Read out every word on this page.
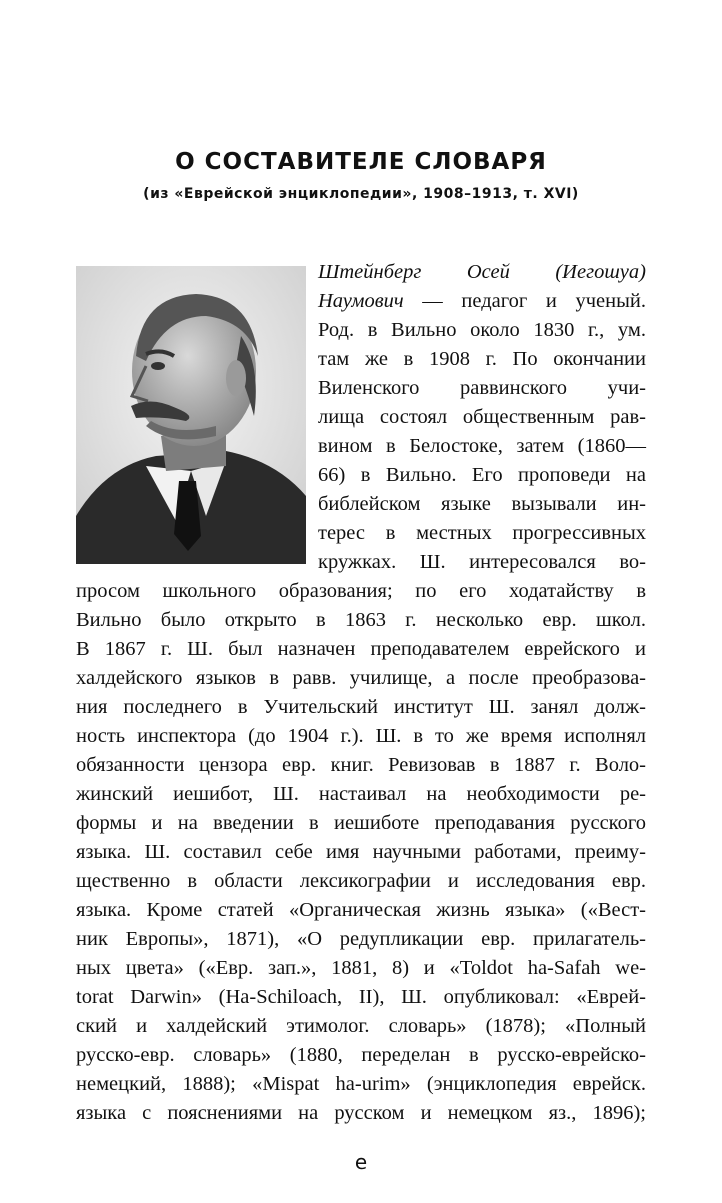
О СОСТАВИТЕЛЕ СЛОВАРЯ
(из «Еврейской энциклопедии», 1908–1913, т. XVI)
Штейнберг Осей (Иегошуа)
Наумович — педагог и ученый.
Род. в Вильно около 1830 г., ум.
там же в 1908 г. По окончании
Виленского раввинского учи-
лища состоял общественным рав-
вином в Белостоке, затем (1860—
66) в Вильно. Его проповеди на
библейском языке вызывали ин-
терес в местных прогрессивных
кружках. Ш. интересовался во-
просом школьного образования; по его ходатайству в
Вильно было открыто в 1863 г. несколько евр. школ.
В 1867 г. Ш. был назначен преподавателем еврейского и
халдейского языков в равв. училище, а после преобразова-
ния последнего в Учительский институт Ш. занял долж-
ность инспектора (до 1904 г.). Ш. в то же время исполнял
обязанности цензора евр. книг. Ревизовав в 1887 г. Воло-
жинский иешибот, Ш. настаивал на необходимости ре-
формы и на введении в иешиботе преподавания русского
языка. Ш. составил себе имя научными работами, преиму-
щественно в области лексикографии и исследования евр.
языка. Кроме статей «Органическая жизнь языка» («Вест-
ник Европы», 1871), «О редупликации евр. прилагатель-
ных цвета» («Евр. зап.», 1881, 8) и «Toldot ha-Safah we-
torat Darwin» (Ha-Schiloach, II), Ш. опубликовал: «Еврей-
ский и халдейский этимолог. словарь» (1878); «Полный
русско-евр. словарь» (1880, переделан в русско-еврейско-
немецкий, 1888); «Mispat ha-urim» (энциклопедия еврейск.
языка с пояснениями на русском и немецком яз., 1896);
e
